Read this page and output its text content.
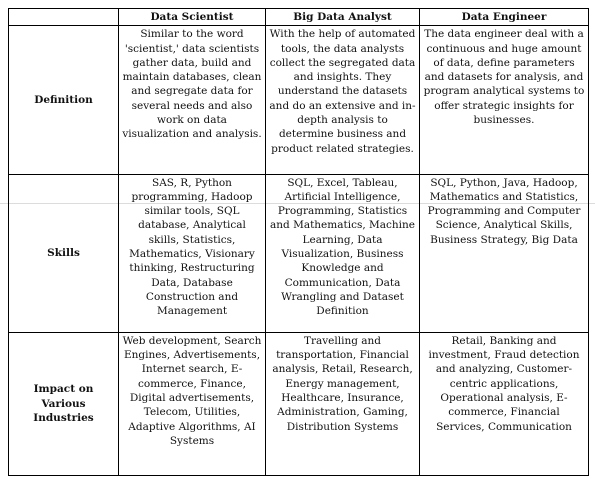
	Data Scientist	Big Data Analyst	Data Engineer
Definition	Similar to the word 'scientist,' data scientists gather data, build and maintain databases, clean and segregate data for several needs and also work on data visualization and analysis.	With the help of automated tools, the data analysts collect the segregated data and insights. They understand the datasets and do an extensive and in-depth analysis to determine business and product related strategies.	The data engineer deal with a continuous and huge amount of data, define parameters and datasets for analysis, and program analytical systems to offer strategic insights for businesses.
Skills	SAS, R, Python programming, Hadoop similar tools, SQL database, Analytical skills, Statistics, Mathematics, Visionary thinking, Restructuring Data, Database Construction and Management	SQL, Excel, Tableau, Artificial Intelligence, Programming, Statistics and Mathematics, Machine Learning, Data Visualization, Business Knowledge and Communication, Data Wrangling and Dataset Definition	SQL, Python, Java, Hadoop, Mathematics and Statistics, Programming and Computer Science, Analytical Skills, Business Strategy, Big Data
Impact on Various Industries	Web development, Search Engines, Advertisements, Internet search, E-commerce, Finance, Digital advertisements, Telecom, Utilities, Adaptive Algorithms, AI Systems	Travelling and transportation, Financial analysis, Retail, Research, Energy management, Healthcare, Insurance, Administration, Gaming, Distribution Systems	Retail, Banking and investment, Fraud detection and analyzing, Customer-centric applications, Operational analysis, E-commerce, Financial Services, Communication
